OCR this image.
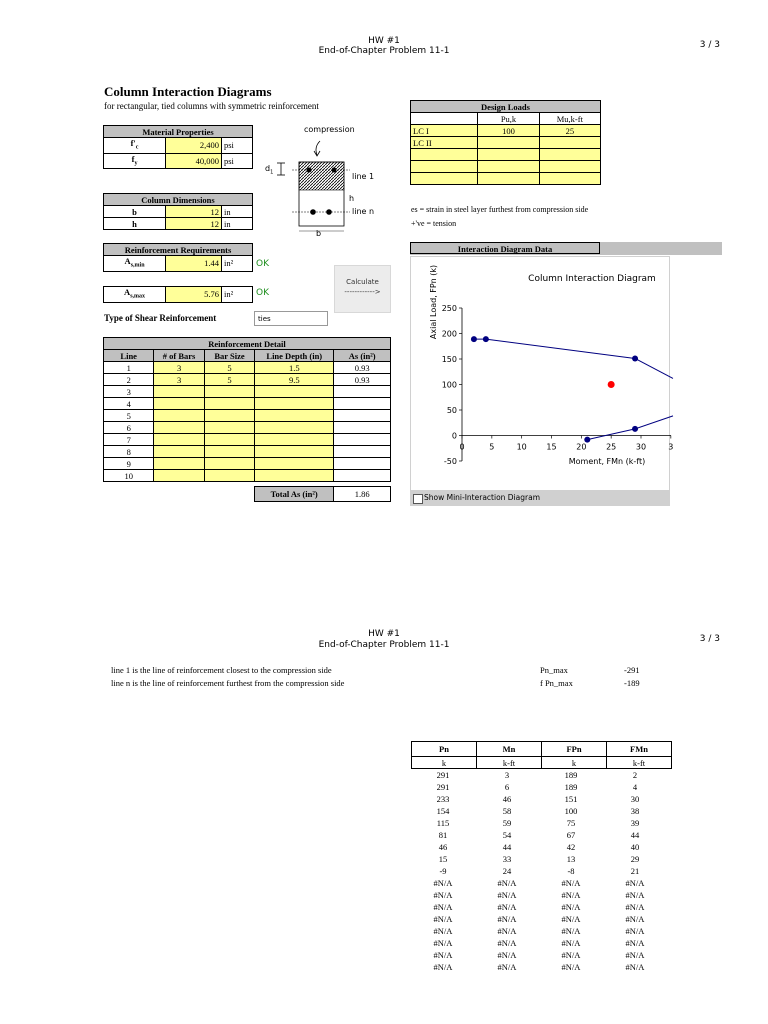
HW #1
End-of-Chapter Problem 11-1
3 / 3
Column Interaction Diagrams
for rectangular, tied columns with symmetric reinforcement
Material Properties		
$f'_c$	2,400	psi
$f_y$	40,000	psi
Column Dimensions		
b	12	in
h	12	in
Reinforcement Requirements
$A_{s,min}$	1.44	in²	OK
$A_{s,max}$	5.76	in²	OK
Calculate
------------>
Type of Shear Reinforcement	ties
compression
$d_1$	line 1
h
line n
b
Reinforcement Detail				
Line	# of Bars	Bar Size	Line Depth (in)	As (in²)
1	3	5	1.5	0.93
2	3	5	9.5	0.93
3				
4				
5				
6				
7				
8				
9				
10				
Total As (in²)	1.86
Design Loads		
	Pu,k	Mu,k-ft
LC I	100	25
LC II		

es = strain in steel layer furthest from compression side
+'ve = tension
Interaction Diagram Data
Column Interaction Diagram
Axial Load, FPn (k)
Moment, FMn (k-ft)
250
200
150
100
50
0
-50
0	5	10 15 20 25 30	3
Show Mini-Interaction Diagram
HW #1
End-of-Chapter Problem 11-1
3 / 3
line 1 is the line of reinforcement closest to the compression side
line n is the line of reinforcement furthest from the compression side
Pn_max	-291
f Pn_max	-189
Pn	Mn	FPn	FMn
k	k-ft	k	k-ft
291	3	189	2
291	6	189	4
233	46	151	30
154	58	100	38
115	59	75	39
81	54	67	44
46	44	42	40
15	33	13	29
-9	24	-8	21
#N/A	#N/A	#N/A	#N/A
#N/A	#N/A	#N/A	#N/A
#N/A	#N/A	#N/A	#N/A
#N/A	#N/A	#N/A	#N/A
#N/A	#N/A	#N/A	#N/A
#N/A	#N/A	#N/A	#N/A
#N/A	#N/A	#N/A	#N/A
#N/A	#N/A	#N/A	#N/A
